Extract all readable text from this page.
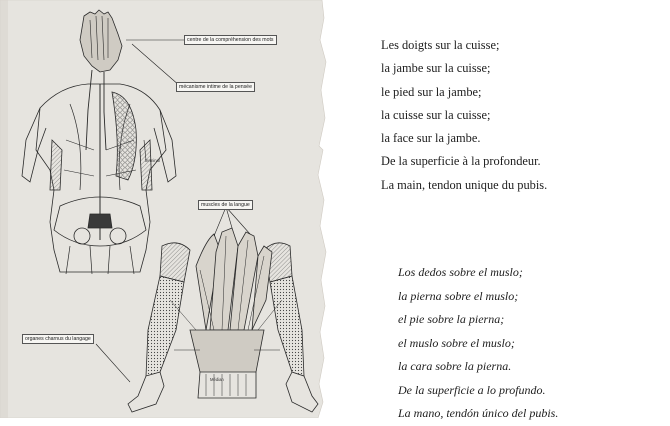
centre de la compréhension des mots
mécanisme intime de la pensée
terminal
muscles de la langue
organes charnus du langage
Médian
Les doigts sur la cuisse;
la jambe sur la cuisse;
le pied sur la jambe;
la cuisse sur la cuisse;
la face sur la jambe.
De la superficie à la profondeur.
La main, tendon unique du pubis.
Los dedos sobre el muslo;
la pierna sobre el muslo;
el pie sobre la pierna;
el muslo sobre el muslo;
la cara sobre la pierna.
De la superficie a lo profundo.
La mano, tendón único del pubis.
